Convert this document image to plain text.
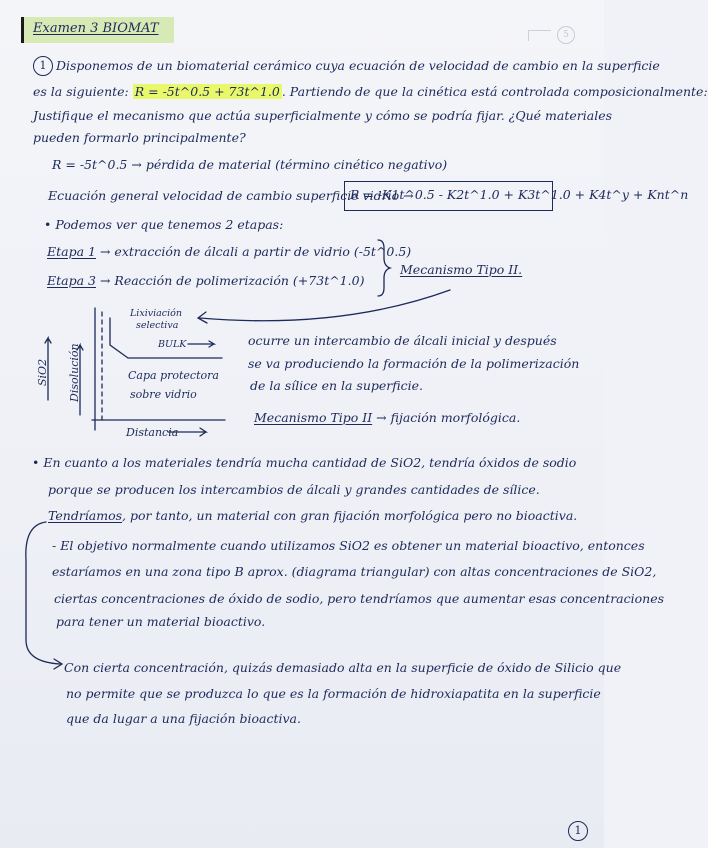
5
Examen 3 BIOMAT
1 Disponemos de un biomaterial cerámico cuya ecuación de velocidad de cambio en la superficie
es la siguiente: R = -5t^0.5 + 73t^1.0 . Partiendo de que la cinética está controlada composicionalmente:
Justifique el mecanismo que actúa superficialmente y cómo se podría fijar. ¿Qué materiales
pueden formarlo principalmente?
R = -5t^0.5 → pérdida de material (término cinético negativo)
Ecuación general velocidad de cambio superficie vidrio →
R = -K1t^0.5 - K2t^1.0 + K3t^1.0 + K4t^y + Knt^n
• Podemos ver que tenemos 2 etapas:
Etapa 1 → extracción de álcali a partir de vidrio (-5t^0.5)
Etapa 3 → Reacción de polimerización (+73t^1.0)
Mecanismo Tipo II.
Lixiviación
selectiva
BULK
Capa protectora
sobre vidrio
SiO2 Disolución
Distancia
ocurre un intercambio de álcali inicial y después
se va produciendo la formación de la polimerización
de la sílice en la superficie.
Mecanismo Tipo II → fijación morfológica.
• En cuanto a los materiales tendría mucha cantidad de SiO2, tendría óxidos de sodio
porque se producen los intercambios de álcali y grandes cantidades de sílice.
Tendríamos, por tanto, un material con gran fijación morfológica pero no bioactiva.
- El objetivo normalmente cuando utilizamos SiO2 es obtener un material bioactivo, entonces
estaríamos en una zona tipo B aprox. (diagrama triangular) con altas concentraciones de SiO2,
ciertas concentraciones de óxido de sodio, pero tendríamos que aumentar esas concentraciones
para tener un material bioactivo.
Con cierta concentración, quizás demasiado alta en la superficie de óxido de Silicio que
no permite que se produzca lo que es la formación de hidroxiapatita en la superficie
que da lugar a una fijación bioactiva.
1
